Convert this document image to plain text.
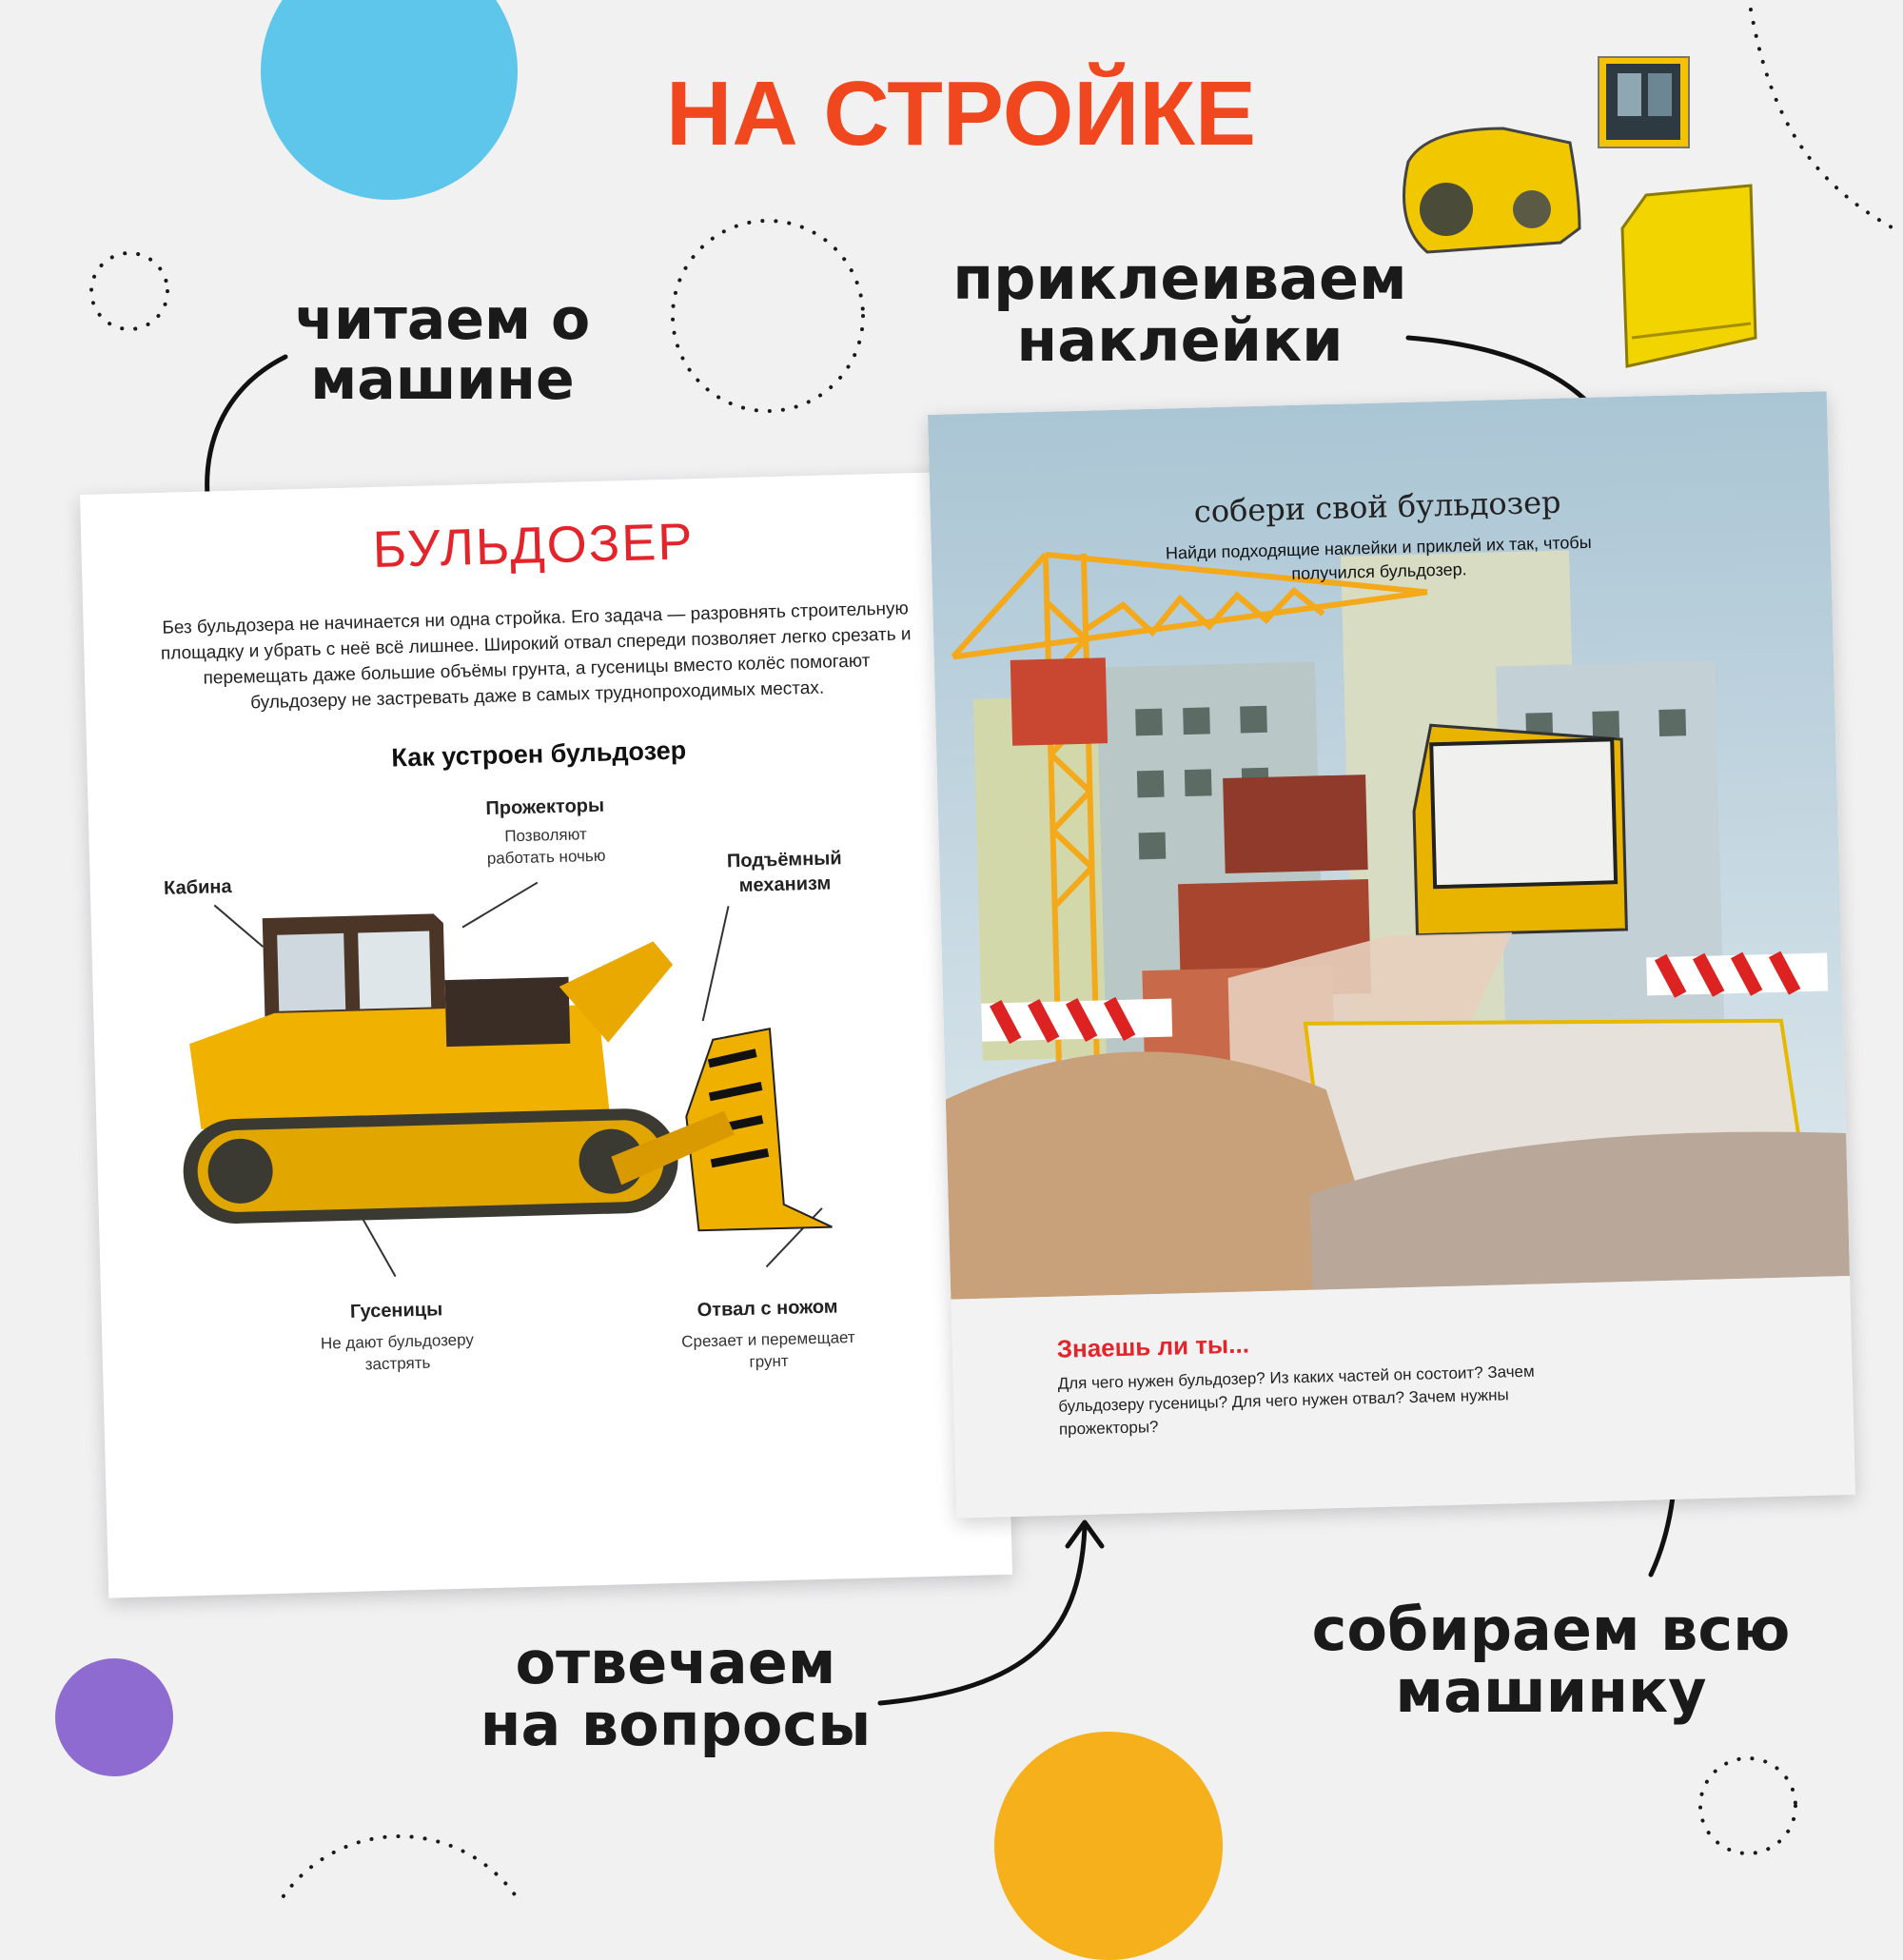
НА СТРОЙКЕ
читаем о машине
приклеиваем наклейки
отвечаем на вопросы
собираем всю машинку
БУЛЬДОЗЕР
Без бульдозера не начинается ни одна стройка. Его задача — разровнять строительную площадку и убрать с неё всё лишнее. Широкий отвал спереди позволяет легко срезать и перемещать даже большие объёмы грунта, а гусеницы вместо колёс помогают бульдозеру не застревать даже в самых труднопроходимых местах.
Как устроен бульдозер
Прожекторы
Позволяют работать ночью
Кабина
Подъёмный механизм
Гусеницы
Не дают бульдозеру застрять
Отвал с ножом
Срезает и перемещает грунт
собери свой бульдозер
Найди подходящие наклейки и приклей их так, чтобы получился бульдозер.
Знаешь ли ты...
Для чего нужен бульдозер? Из каких частей он состоит? Зачем бульдозеру гусеницы? Для чего нужен отвал? Зачем нужны прожекторы?
